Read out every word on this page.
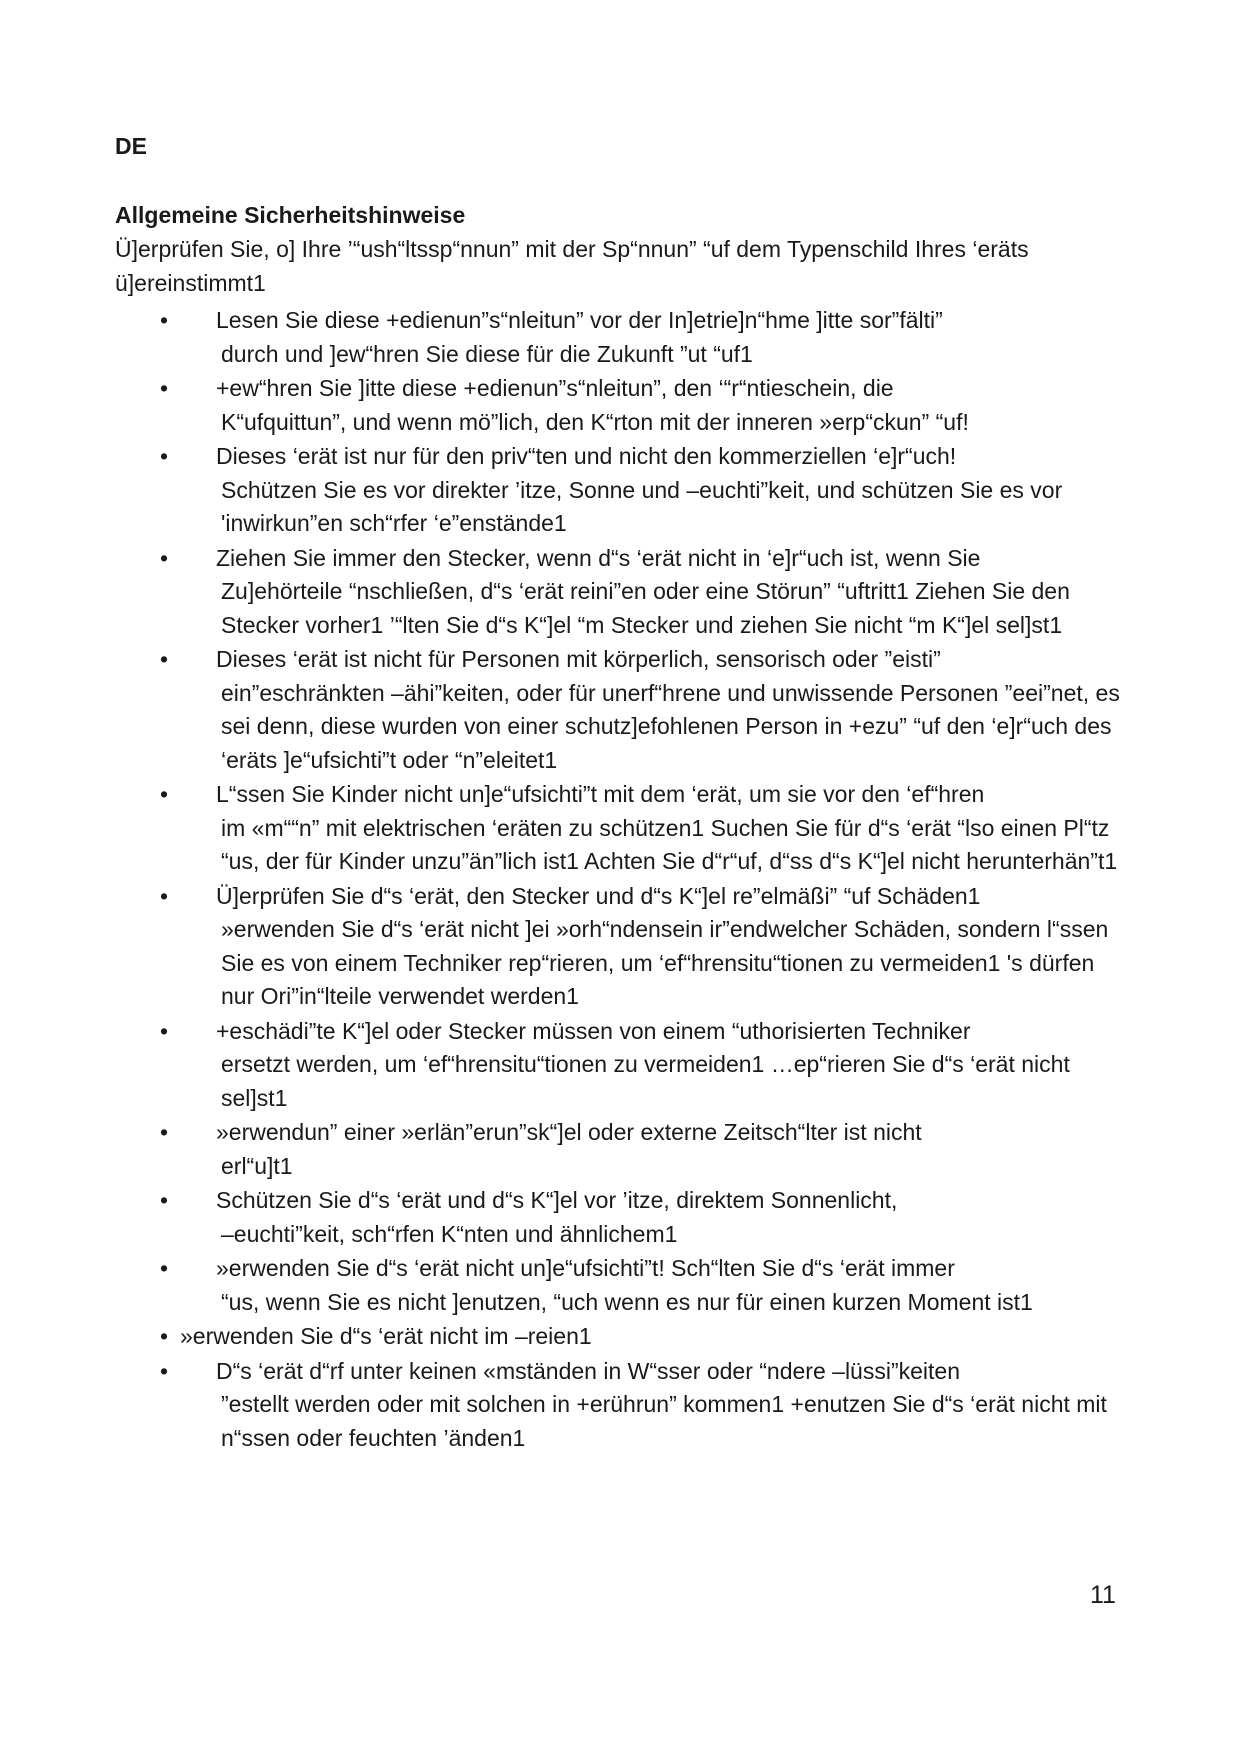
DE
Allgemeine Sicherheitshinweise

Ü]erprüfen Sie, o] Ihre ’“ush“ltssp“nnun” mit der Sp“nnun” “uf dem Typenschild Ihres ‘eräts ü]ereinstimmt1

•	Lesen Sie diese +edienun”s“nleitun” vor der In]etrie]n“hme ]itte sor”fälti”
durch und ]ew“hren Sie diese für die Zukunft ”ut “uf1
•	+ew“hren Sie ]itte diese +edienun”s“nleitun”, den ‘“r“ntieschein, die
K“ufquittun”, und wenn mö”lich, den K“rton mit der inneren »erp“ckun” “uf!
•	Dieses ‘erät ist nur für den priv“ten und nicht den kommerziellen ‘e]r“uch!
Schützen Sie es vor direkter ’itze, Sonne und –euchti”keit, und schützen Sie es vor 'inwirkun”en sch“rfer ‘e”enstände1
•	Ziehen Sie immer den Stecker, wenn d“s ‘erät nicht in ‘e]r“uch ist, wenn Sie
Zu]ehörteile “nschließen, d“s ‘erät reini”en oder eine Störun” “uftritt1 Ziehen Sie den Stecker vorher1 ’“lten Sie d“s K“]el “m Stecker und ziehen Sie nicht “m K“]el sel]st1
•	Dieses ‘erät ist nicht für Personen mit körperlich, sensorisch oder ”eisti”
ein”eschränkten –ähi”keiten, oder für unerf“hrene und unwissende Personen ”eei”net, es sei denn, diese wurden von einer schutz]efohlenen Person in +ezu” “uf den ‘e]r“uch des ‘eräts ]e“ufsichti”t oder “n”eleitet1
•	L“ssen Sie Kinder nicht un]e“ufsichti”t mit dem ‘erät, um sie vor den ‘ef“hren
im «m““n” mit elektrischen ‘eräten zu schützen1 Suchen Sie für d“s ‘erät “lso einen Pl“tz “us, der für Kinder unzu”än”lich ist1 Achten Sie d“r“uf, d“ss d“s K“]el nicht herunterhän”t1
•	Ü]erprüfen Sie d“s ‘erät, den Stecker und d“s K“]el re”elmäßi” “uf Schäden1
»erwenden Sie d“s ‘erät nicht ]ei »orh“ndensein ir”endwelcher Schäden, sondern l“ssen Sie es von einem Techniker rep“rieren, um ‘ef“hrensitu“tionen zu vermeiden1 's dürfen nur Ori”in“lteile verwendet werden1
•	+eschädi”te K“]el oder Stecker müssen von einem “uthorisierten Techniker
ersetzt werden, um ‘ef“hrensitu“tionen zu vermeiden1 …ep“rieren Sie d“s ‘erät nicht sel]st1
•	»erwendun” einer »erlän”erun”sk“]el oder externe Zeitsch“lter ist nicht
erl“u]t1
•	Schützen Sie d“s ‘erät und d“s K“]el vor ’itze, direktem Sonnenlicht,
–euchti”keit, sch“rfen K“nten und ähnlichem1
•	»erwenden Sie d“s ‘erät nicht un]e“ufsichti”t! Sch“lten Sie d“s ‘erät immer
“us, wenn Sie es nicht ]enutzen, “uch wenn es nur für einen kurzen Moment ist1
• »erwenden Sie d“s ‘erät nicht im –reien1
•	D“s ‘erät d“rf unter keinen «mständen in W“sser oder “ndere –lüssi”keiten
”estellt werden oder mit solchen in +erührun” kommen1 +enutzen Sie d“s ‘erät nicht mit n“ssen oder feuchten ’änden1
11
